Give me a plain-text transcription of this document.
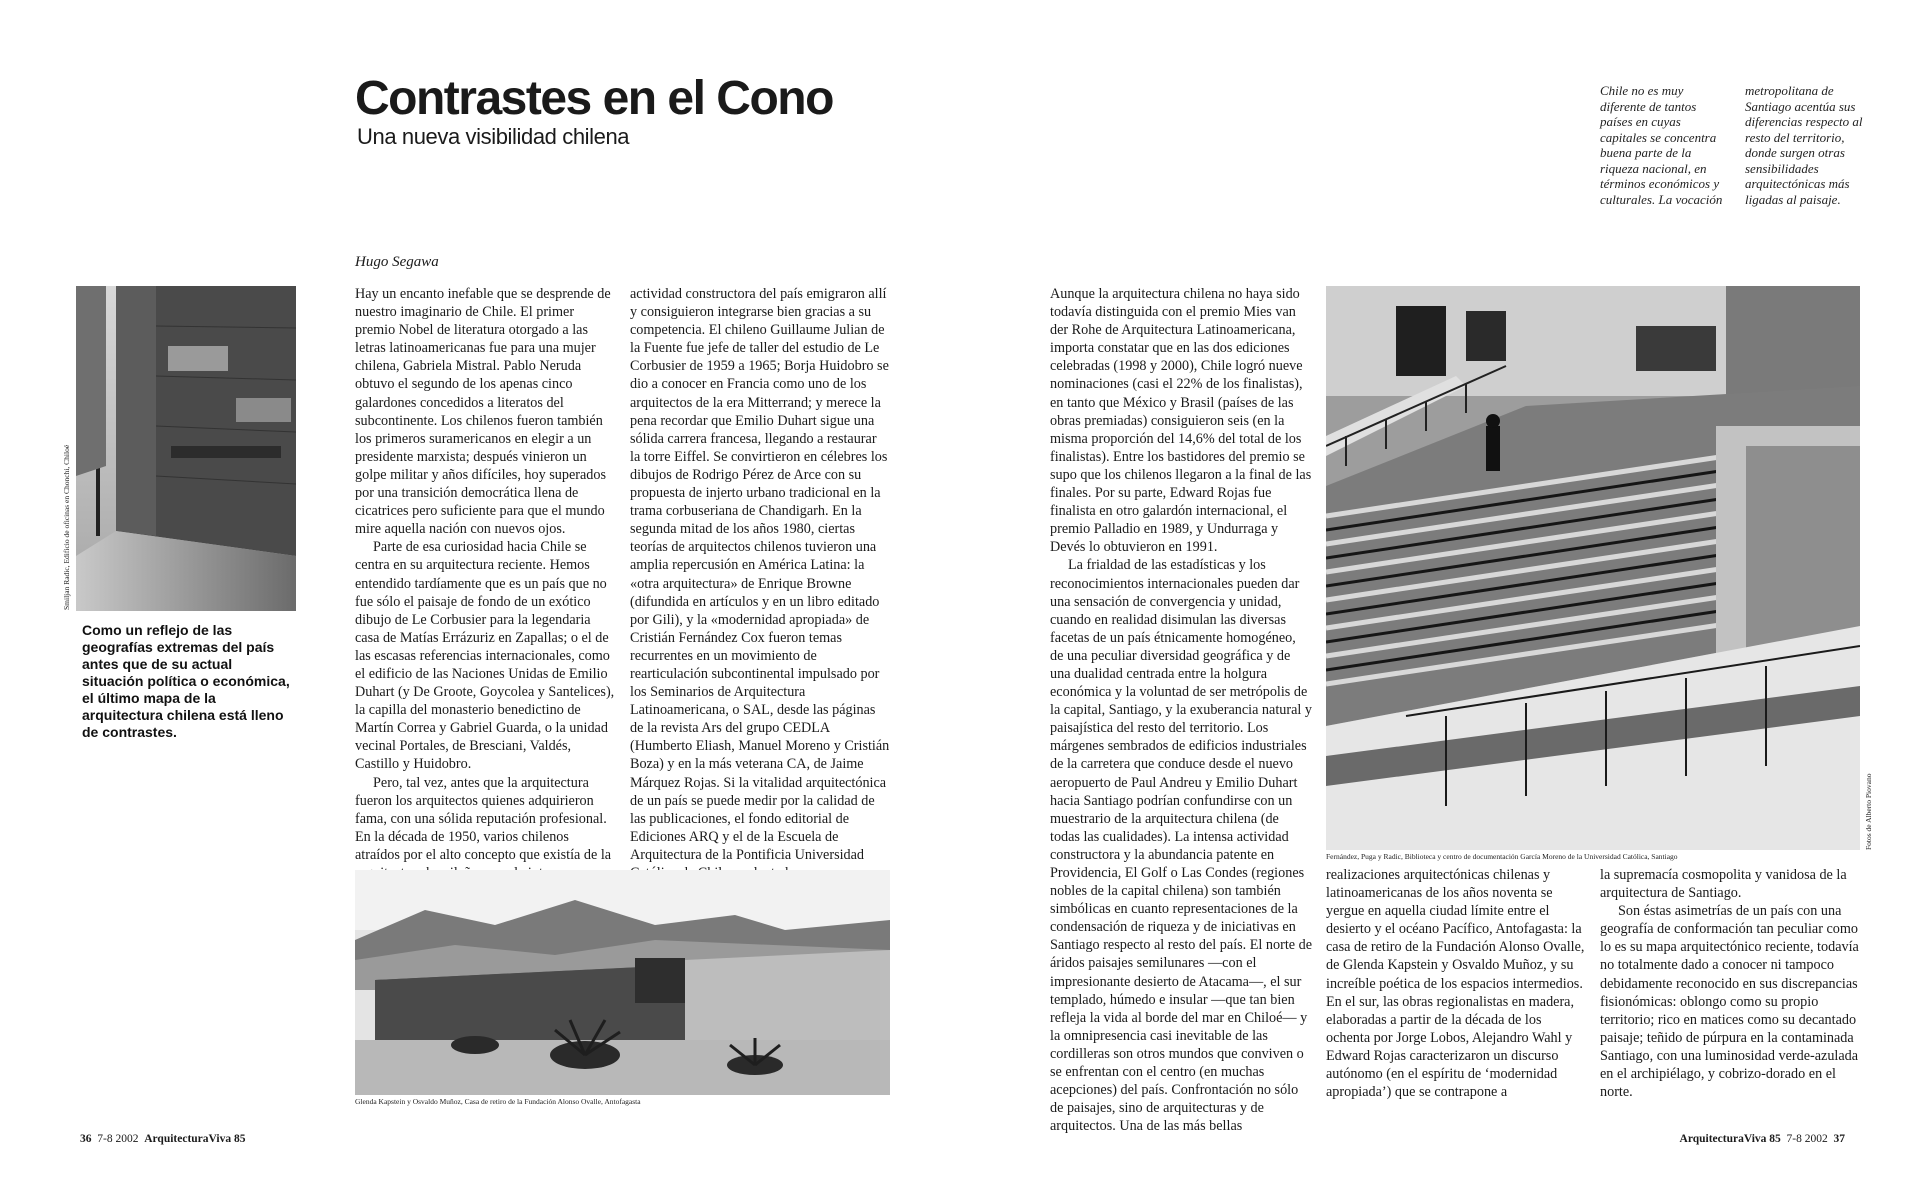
Contrastes en el Cono
Una nueva visibilidad chilena
Chile no es muy diferente de tantos países en cuyas capitales se concentra buena parte de la riqueza nacional, en términos económicos y culturales. La vocación
metropolitana de Santiago acentúa sus diferencias respecto al resto del territorio, donde surgen otras sensibilidades arquitectónicas más ligadas al paisaje.
Hugo Segawa
Smiljan Radic, Edificio de oficinas en Chonchi, Chiloé
Como un reflejo de las geografías extremas del país antes que de su actual situación política o económica, el último mapa de la arquitectura chilena está lleno de contrastes.

Hay un encanto inefable que se desprende de nuestro imaginario de Chile. El primer premio Nobel de literatura otorgado a las letras latinoamericanas fue para una mujer chilena, Gabriela Mistral. Pablo Neruda obtuvo el segundo de los apenas cinco galardones concedidos a literatos del subcontinente. Los chilenos fueron también los primeros suramericanos en elegir a un presidente marxista; después vinieron un golpe militar y años difíciles, hoy superados por una transición democrática llena de cicatrices pero suficiente para que el mundo mire aquella nación con nuevos ojos.

Parte de esa curiosidad hacia Chile se centra en su arquitectura reciente. Hemos entendido tardíamente que es un país que no fue sólo el paisaje de fondo de un exótico dibujo de Le Corbusier para la legendaria casa de Matías Errázuriz en Zapallas; o el de las escasas referencias internacionales, como el edificio de las Naciones Unidas de Emilio Duhart (y De Groote, Goycolea y Santelices), la capilla del monasterio benedictino de Martín Correa y Gabriel Guarda, o la unidad vecinal Portales, de Bresciani, Valdés, Castillo y Huidobro.

Pero, tal vez, antes que la arquitectura fueron los arquitectos quienes adquirieron fama, con una sólida reputación profesional. En la década de 1950, varios chilenos atraídos por el alto concepto que existía de la

actividad constructora del país emigraron allí y consiguieron integrarse bien gracias a su competencia. El chileno Guillaume Julian de la Fuente fue jefe de taller del estudio de Le Corbusier de 1959 a 1965; Borja Huidobro se dio a conocer en Francia como uno de los arquitectos de la era Mitterrand; y merece la pena recordar que Emilio Duhart sigue una sólida carrera francesa, llegando a restaurar la torre Eiffel. Se convirtieron en célebres los dibujos de Rodrigo Pérez de Arce con su propuesta de injerto urbano tradicional en la trama corbuseriana de Chandigarh. En la segunda mitad de los años 1980, ciertas teorías de arquitectos chilenos tuvieron una amplia repercusión en América Latina: la «otra arquitectura» de Enrique Browne (difundida en artículos y en un libro editado por Gili), y la «modernidad apropiada» de Cristián Fernández Cox fueron temas recurrentes en un movimiento de rearticulación subcontinental impulsado por los Seminarios de Arquitectura Latinoamericana, o SAL, desde las páginas de la revista Ars del grupo CEDLA (Humberto Eliash, Manuel Moreno y Cristián Boza) y en la más veterana CA, de Jaime Márquez Rojas. Si la vitalidad arquitectónica de un país se puede medir por la calidad de las publicaciones, el fondo editorial de Ediciones ARQ y el de la Escuela de Arquitectura de la Pontificia Universidad

Glenda Kapstein y Osvaldo Muñoz, Casa de retiro de la Fundación Alonso Ovalle, Antofagasta

Aunque la arquitectura chilena no haya sido todavía distinguida con el premio Mies van der Rohe de Arquitectura Latinoamericana, importa constatar que en las dos ediciones celebradas (1998 y 2000), Chile logró nueve nominaciones (casi el 22% de los finalistas), en tanto que México y Brasil (países de las obras premiadas) consiguieron seis (en la misma proporción del 14,6% del total de los finalistas). Entre los bastidores del premio se supo que los chilenos llegaron a la final de las finales. Por su parte, Edward Rojas fue finalista en otro galardón internacional, el premio Palladio en 1989, y Undurraga y Devés lo obtuvieron en 1991.

La frialdad de las estadísticas y los reconocimientos internacionales pueden dar una sensación de convergencia y unidad, cuando en realidad disimulan las diversas facetas de un país étnicamente homogéneo, de una peculiar diversidad geográfica y de una dualidad centrada entre la holgura económica y la voluntad de ser metrópolis de la capital, Santiago, y la exuberancia natural y paisajística del resto del territorio. Los márgenes sembrados de edificios industriales de la carretera que conduce desde el nuevo aeropuerto de Paul Andreu y Emilio Duhart hacia Santiago podrían confundirse con un muestrario de la arquitectura chilena (de todas las cualidades). La intensa actividad constructora y la abundancia patente en Providencia, El Golf o Las Condes (regiones nobles de la capital chilena) son también simbólicas en cuanto representaciones de la condensación de riqueza y de iniciativas en Santiago respecto al resto del país. El norte de áridos paisajes semilunares —con el impresionante desierto de Atacama—, el sur templado, húmedo e insular —que tan bien refleja la vida al borde del mar en Chiloé— y la omnipresencia casi inevitable de las cordilleras son otros mundos que conviven o se enfrentan con el centro (en muchas acepciones) del país. Confrontación no sólo de paisajes, sino de arquitecturas y de arquitectos. Una de las más bellas

Fotos de Alberto Piovano
Fernández, Puga y Radic, Biblioteca y centro de documentación García Moreno de la Universidad Católica, Santiago

realizaciones arquitectónicas chilenas y latinoamericanas de los años noventa se yergue en aquella ciudad límite entre el desierto y el océano Pacífico, Antofagasta: la casa de retiro de la Fundación Alonso Ovalle, de Glenda Kapstein y Osvaldo Muñoz, y su increíble poética de los espacios intermedios. En el sur, las obras regionalistas en madera, elaboradas a partir de la década de los ochenta por Jorge Lobos, Alejandro Wahl y Edward Rojas caracterizaron un discurso autónomo (en el espíritu de ‘modernidad apropiada’) que se contrapone a

la supremacía cosmopolita y vanidosa de la arquitectura de Santiago.

Son éstas asimetrías de un país con una geografía de conformación tan peculiar como lo es su mapa arquitectónico reciente, todavía no totalmente dado a conocer ni tampoco debidamente reconocido en sus discrepancias fisionómicas: oblongo como su propio territorio; rico en matices como su decantado paisaje; teñido de púrpura en la contaminada Santiago, con una luminosidad verde-azulada en el archipiélago, y cobrizo-dorado en el norte.

36 7-8 2002 ArquitecturaViva 85	ArquitecturaViva 85 7-8 2002 37
